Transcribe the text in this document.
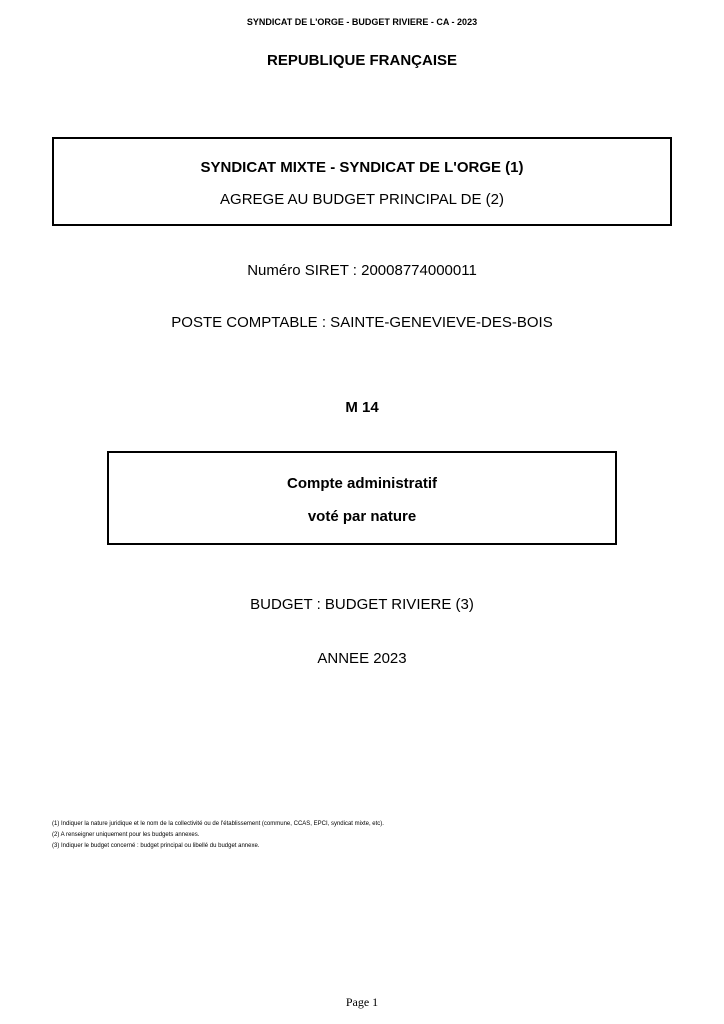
SYNDICAT DE L'ORGE - BUDGET RIVIERE - CA - 2023
REPUBLIQUE FRANÇAISE
SYNDICAT MIXTE - SYNDICAT DE L'ORGE (1)
AGREGE AU BUDGET PRINCIPAL DE (2)
Numéro SIRET : 20008774000011
POSTE COMPTABLE : SAINTE-GENEVIEVE-DES-BOIS
M 14
Compte administratif
voté par nature
BUDGET : BUDGET RIVIERE (3)
ANNEE 2023
(1) Indiquer la nature juridique et le nom de la collectivité ou de l'établissement (commune, CCAS, EPCI, syndicat mixte, etc).
(2) A renseigner uniquement pour les budgets annexes.
(3) Indiquer le budget concerné : budget principal ou libellé du budget annexe.
Page 1
